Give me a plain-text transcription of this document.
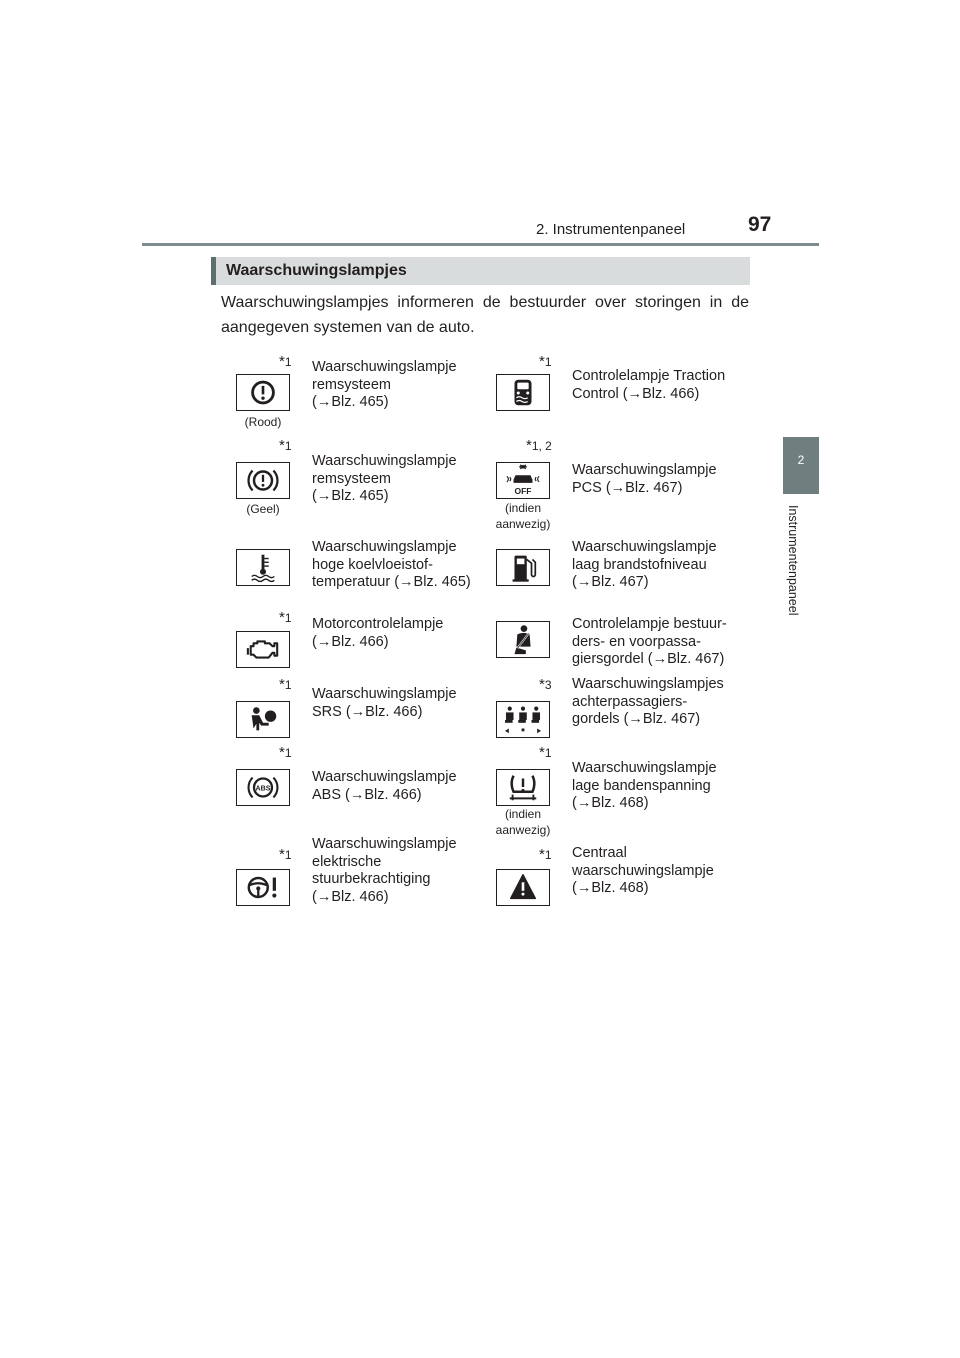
2. Instrumentenpaneel	97
2
Instrumentenpaneel
Waarschuwingslampjes

Waarschuwingslampjes informeren de bestuurder over storingen in de aangegeven systemen van de auto.

*1
(Rood)
Waarschuwingslampje
remsysteem
(→Blz. 465)
*1
Controlelampje Traction
Control (→Blz. 466)
*1
(Geel)
Waarschuwingslampje
remsysteem
(→Blz. 465)
*1, 2
OFF
(indien
aanwezig)
Waarschuwingslampje
PCS (→Blz. 467)
Waarschuwingslampje
hoge koelvloeistof-
temperatuur (→Blz. 465)
Waarschuwingslampje
laag brandstofniveau
(→Blz. 467)
*1 Motorcontrolelampje
(→Blz. 466)
Controlelampje bestuur-
ders- en voorpassa-
giersgordel (→Blz. 467)
*1
Waarschuwingslampje
SRS (→Blz. 466)
*3 Waarschuwingslampjes
achterpassagiers-
gordels (→Blz. 467)
*1
ABS
Waarschuwingslampje
ABS (→Blz. 466)
*1
(indien
aanwezig)
Waarschuwingslampje
lage bandenspanning
(→Blz. 468)
*1
Waarschuwingslampje
elektrische
stuurbekrachtiging
(→Blz. 466)
*1 Centraal
waarschuwingslampje
(→Blz. 468)
